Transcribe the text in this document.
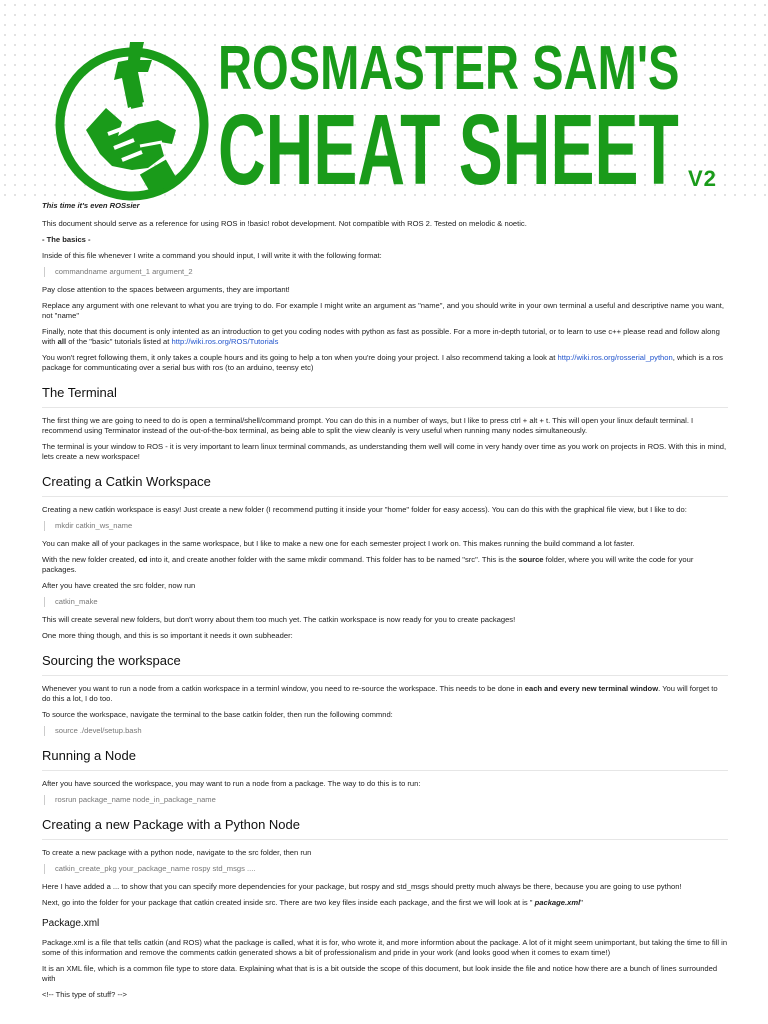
ROSMASTER SAM'S
CHEAT SHEET V2

This time it's even ROSsier

This document should serve as a reference for using ROS in !basic! robot development. Not compatible with ROS 2. Tested on melodic & noetic.

- The basics -

Inside of this file whenever I write a command you should input, I will write it with the following format:

commandname argument_1 argument_2

Pay close attention to the spaces between arguments, they are important!

Replace any argument with one relevant to what you are trying to do. For example I might write an argument as "name", and you should write in your own terminal a useful and descriptive name you want, not "name"

Finally, note that this document is only intented as an introduction to get you coding nodes with python as fast as possible. For a more in-depth tutorial, or to learn to use c++ please read and follow along with all of the "basic" tutorials listed at http://wiki.ros.org/ROS/Tutorials

You won't regret following them, it only takes a couple hours and its going to help a ton when you're doing your project. I also recommend taking a look at http://wiki.ros.org/rosserial_python, which is a ros package for communticating over a serial bus with ros (to an arduino, teensy etc)

The Terminal

The first thing we are going to need to do is open a terminal/shell/command prompt. You can do this in a number of ways, but I like to press ctrl + alt + t. This will open your linux default terminal. I recommend using Terminator instead of the out-of-the-box terminal, as being able to split the view cleanly is very useful when running many nodes simultaneously.

The terminal is your window to ROS - it is very important to learn linux terminal commands, as understanding them well will come in very handy over time as you work on projects in ROS. With this in mind, lets create a new workspace!

Creating a Catkin Workspace

Creating a new catkin workspace is easy! Just create a new folder (I recommend putting it inside your "home" folder for easy access). You can do this with the graphical file view, but I like to do:

mkdir catkin_ws_name

You can make all of your packages in the same workspace, but I like to make a new one for each semester project I work on. This makes running the build command a lot faster.

With the new folder created, cd into it, and create another folder with the same mkdir command. This folder has to be named "src". This is the source folder, where you will write the code for your packages.

After you have created the src folder, now run

catkin_make

This will create several new folders, but don't worry about them too much yet. The catkin workspace is now ready for you to create packages!

One more thing though, and this is so important it needs it own subheader:

Sourcing the workspace

Whenever you want to run a node from a catkin workspace in a terminl window, you need to re-source the workspace. This needs to be done in each and every new terminal window. You will forget to do this a lot, I do too.

To source the workspace, navigate the terminal to the base catkin folder, then run the following commnd:

source ./devel/setup.bash
Running a Node

After you have sourced the workspace, you may want to run a node from a package. The way to do this is to run:

rosrun package_name node_in_package_name
Creating a new Package with a Python Node

To create a new package with a python node, navigate to the src folder, then run

catkin_create_pkg your_package_name rospy std_msgs ....

Here I have added a ... to show that you can specify more dependencies for your package, but rospy and std_msgs should pretty much always be there, because you are going to use python!

Next, go into the folder for your package that catkin created inside src. There are two key files inside each package, and the first we will look at is " package.xml"

Package.xml

Package.xml is a file that tells catkin (and ROS) what the package is called, what it is for, who wrote it, and more informtion about the package. A lot of it might seem unimportant, but taking the time to fill in some of this information and remove the comments catkin generated shows a bit of professionalism and pride in your work (and looks good when it comes to exam time!)

It is an XML file, which is a common file type to store data. Explaining what that is is a bit outside the scope of this document, but look inside the file and notice how there are a bunch of lines surrounded with

<!-- This type of stuff? -->
